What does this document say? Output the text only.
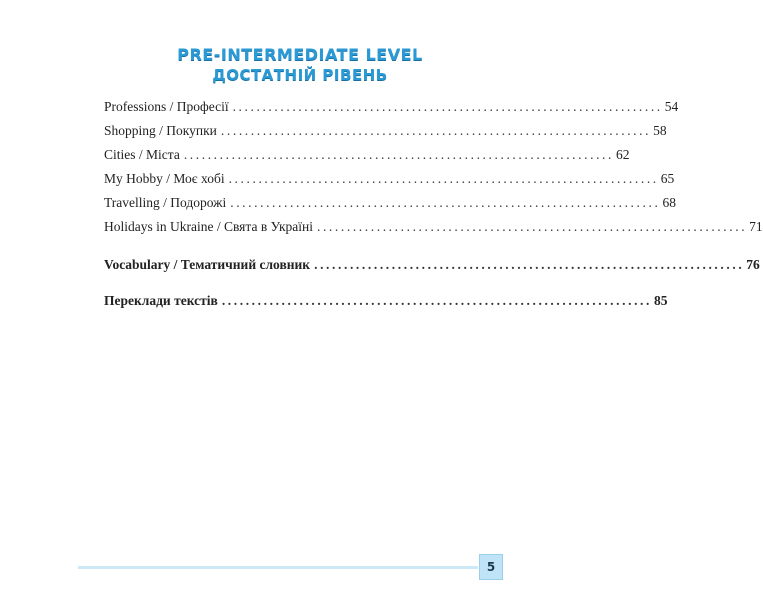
PRE-INTERMEDIATE LEVEL
ДОСТАТНІЙ РІВЕНЬ
Professions / Професії ........................................................................ 54
Shopping / Покупки ........................................................................ 58
Cities / Міста ........................................................................ 62
My Hobby / Моє хобі ........................................................................ 65
Travelling / Подорожі ........................................................................ 68
Holidays in Ukraine / Свята в Україні ........................................................................ 71
Vocabulary / Тематичний словник ........................................................................ 76
Переклади текстів ........................................................................ 85
5
